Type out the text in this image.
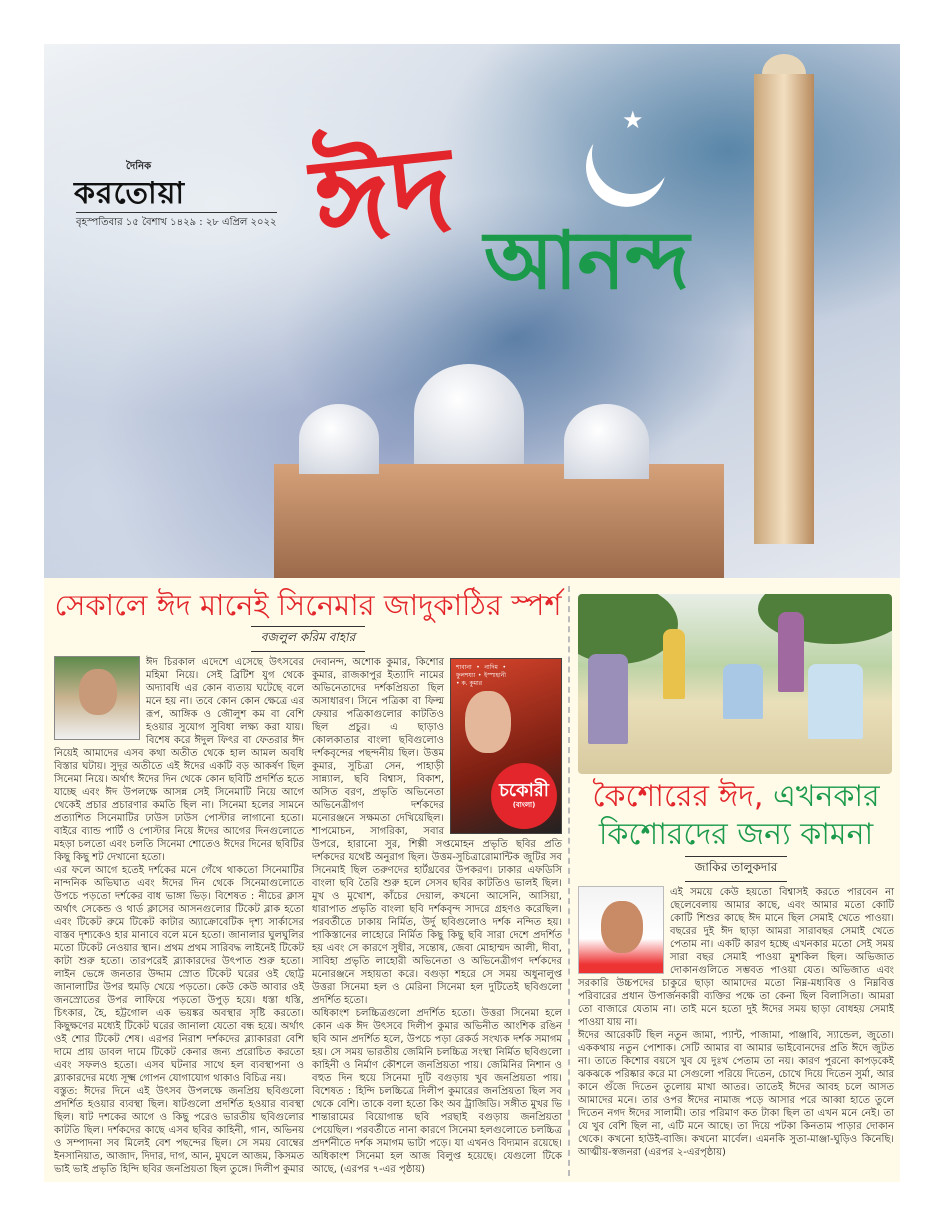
দৈনিক
করতোয়া
বৃহস্পতিবার ১৫ বৈশাখ ১৪২৯ : ২৮ এপ্রিল ২০২২
★
ঈদ আনন্দ
সেকালে ঈদ মানেই সিনেমার জাদুকাঠির স্পর্শ
বজলুল করিম বাহার

ঈদ চিরকাল এদেশে এসেছে উৎসবের মহিমা নিয়ে। সেই ব্রিটিশ যুগ থেকে অদ্যাবধি এর কোন ব্যত্যয় ঘটেছে বলে মনে হয় না। তবে কোন কোন ক্ষেত্রে এর রূপ, আঙ্গিক ও জৌলুশ কম বা বেশি হওয়ার সুযোগ সুবিধা লক্ষ্য করা যায়। বিশেষ করে ঈদুল ফিৎর বা ফেতরার ঈদ নিয়েই আমাদের এসব কথা অতীত থেকে হাল আমল অবধি বিস্তার ঘটায়। সুদূর অতীতে এই ঈদের একটি বড় আকর্ষণ ছিল সিনেমা নিয়ে। অর্থাৎ ঈদের দিন থেকে কোন ছবিটি প্রদর্শিত হতে যাচ্ছে এবং ঈদ উপলক্ষে আসন্ন সেই সিনেমাটি নিয়ে আগে থেকেই প্রচার প্রচারণার কমতি ছিল না। সিনেমা হলের সামনে প্রত্যাশিত সিনেমাটির ঢাউস ঢাউস পোস্টার লাগানো হতো। বাইরে ব্যান্ড পার্টি ও পোস্টার নিয়ে ঈদের আগের দিনগুলোতে মহড়া চলতো এবং চলতি সিনেমা শোতেও ঈদের দিনের ছবিটির কিছু কিছু শট দেখানো হতো।

এর ফলে আগে হতেই দর্শকের মনে গেঁথে থাকতো সিনেমাটির নান্দনিক অভিঘাত এবং ঈদের দিন থেকে সিনেমাগুলোতে উপচে পড়তো দর্শকের বাধ ভাঙ্গা ভিড়। বিশেষত : নীচের ক্লাস অর্থাৎ সেকেন্ড ও থার্ড ক্লাসের আসনগুলোর টিকেট ব্লাক হতো এবং টিকেট রুমে টিকেট কাটার অ্যাক্রোবেটিক দৃশ্য সার্কাসের বাস্তব দৃশ্যকেও হার মানাবে বলে মনে হতো। জানালার ঘুলঘুলির মতো টিকেট নেওয়ার স্থান। প্রথম প্রথম সারিবদ্ধ লাইনেই টিকেট কাটা শুরু হতো। তারপরেই ব্ল্যাকারদের উৎপাত শুরু হতো। লাইন ভেঙ্গে জনতার উদ্দাম স্রোত টিকেট ঘরের ওই ছোট্ট জানালাটির উপর হুমড়ি খেয়ে পড়তো। কেউ কেউ আবার ওই জনস্রোতের উপর লাফিয়ে পড়তো উপুড় হয়ে। ধস্তা ধস্তি, চিৎকার, হৈ, হট্টগোল এক ভয়ঙ্কর অবস্থার সৃষ্টি করতো। কিছুক্ষণের মধ্যেই টিকেট ঘরের জানালা যেতো বন্ধ হয়ে। অর্থাৎ ওই শোর টিকেট শেষ। এরপর নিরাশ দর্শকদের ব্ল্যাকাররা বেশি দামে প্রায় ডাবল দামে টিকেট কেনার জন্য প্ররোচিত করতো এবং সফলও হতো। এসব ঘটনার সাথে হল ব্যবস্থাপনা ও ব্ল্যাকারদের মধ্যে সূক্ষ্ম গোপন যোগাযোগ থাকাও বিচিত্র নয়।

শাবানা • নাদিম • ফুলশয্যা • ইস্পাহানী • ক. কুমার
চকোরী
(বাংলা)

বস্তুত: ঈদের দিনে এই উৎসব উপলক্ষে জনপ্রিয় ছবিগুলো প্রদর্শিত হওয়ার ব্যবস্থা ছিল। ষাটগুলো প্রদর্শিত হওয়ার ব্যবস্থা ছিল। ষাট দশকের আগে ও কিছু পরেও ভারতীয় ছবিগুলোর কাটতি ছিল। দর্শকদের কাছে এসব ছবির কাহিনী, গান, অভিনয় ও সম্পাদনা সব মিলেই বেশ পছন্দের ছিল। সে সময় বোম্বের ইনসানিয়াত, আজাদ, দিদার, দাগ, আন, মুঘলে আজম, কিসমত ভাই ভাই প্রভৃতি হিন্দি ছবির জনপ্রিয়তা ছিল তুঙ্গে। দিলীপ কুমার দেবানন্দ, অশোক কুমার, কিশোর কুমার, রাজকাপুর ইত্যাদি নামের অভিনেতাদের দর্শকপ্রিয়তা ছিল অসাধারণ। সিনে পত্রিকা বা ফিল্ম ফেয়ার পত্রিকাগুলোর কাটতিও ছিল প্রচুর। এ ছাড়াও কোলকাতার বাংলা ছবিগুলোও দর্শকবৃন্দের পছন্দনীয় ছিল। উত্তম কুমার, সুচিত্রা সেন, পাহাড়ী সান্ন্যাল, ছবি বিশ্বাস, বিকাশ, অসিত বরণ, প্রভৃতি অভিনেতা অভিনেত্রীগণ দর্শকদের মনোরঞ্জনে সক্ষমতা দেখিয়েছিল। শাপমোচন, সাগরিকা, সবার উপরে, হারানো সুর, শিল্পী সপ্তমোহন প্রভৃতি ছবির প্রতি দর্শকদের যথেষ্ট অনুরাগ ছিল। উত্তম-সুচিত্রারোমান্টিক জুটির সব সিনেমাই ছিল তরুণদের হার্টথ্রবের উপকরণ। ঢাকার এফডিসি বাংলা ছবি তৈরি শুরু হলে সেসব ছবির কাটতিও ভালই ছিল। মুখ ও মুখোশ, কাঁচের দেয়াল, কখনো আসেনি, আসিয়া, ধারাপাত প্রভৃতি বাংলা ছবি দর্শকবৃন্দ সাদরে গ্রহণও করেছিল। পরবর্তীতে ঢাকায় নির্মিত, উর্দু ছবিগুলোও দর্শক নন্দিত হয়। পাকিস্তানের লাহোরে নির্মিত কিছু কিছু ছবি সারা দেশে প্রদর্শিত হয় এবং সে কারণে সুধীর, সন্তোষ, জেবা মোহাম্মদ আলী, দীবা, সাবিহা প্রভৃতি লাহোরী অভিনেতা ও অভিনেত্রীগণ দর্শকদের মনোরঞ্জনে সহায়তা করে। বগুড়া শহরে সে সময় অধুনালুপ্ত উত্তরা সিনেমা হল ও মেরিনা সিনেমা হল দুটিতেই ছবিগুলো প্রদর্শিত হতো।

অধিকাংশ চলচ্চিত্রগুলো প্রদর্শিত হতো। উত্তরা সিনেমা হলে কোন এক ঈদ উৎসবে দিলীপ কুমার অভিনীত আংশিক রঙিন ছবি আন প্রদর্শিত হলে, উপচে পড়া রেকর্ড সংখ্যক দর্শক সমাগম হয়। সে সময় ভারতীয় জেমিনি চলচ্চিত্র সংস্থা নির্মিত ছবিগুলো কাহিনী ও নির্মাণ কৌশলে জনপ্রিয়তা পায়। জেমিনির নিশান ও বহুত দিন হুয়ে সিনেমা দুটি বগুড়ায় খুব জনপ্রিয়তা পায়। বিশেষত : হিন্দি চলচ্চিত্রে দিলীপ কুমারের জনপ্রিয়তা ছিল সব থেকে বেশি। তাকে বলা হতো কিং অব ট্রাজিডি। সঙ্গীত মুখর ভি শান্তারামের বিয়োগান্ত ছবি পরছাই বগুড়ায় জনপ্রিয়তা পেয়েছিল। পরবর্তীতে নানা কারণে সিনেমা হলগুলোতে চলচ্চিত্র প্রদর্শনীতে দর্শক সমাগম ভাটা পড়ে। যা এখনও বিদ্যমান রয়েছে। অধিকাংশ সিনেমা হল আজ বিলুপ্ত হয়েছে। যেগুলো টিকে আছে, (এরপর ৭-এর পৃষ্ঠায়)

কৈশোরের ঈদ, এখনকার
কিশোরদের জন্য কামনা
জাকির তালুকদার

এই সময়ে কেউ হয়তো বিশ্বাসই করতে পারবেন না ছেলেবেলায় আমার কাছে, এবং আমার মতো কোটি কোটি শিশুর কাছে ঈদ মানে ছিল সেমাই খেতে পাওয়া। বছরের দুই ঈদ ছাড়া আমরা সারাবছর সেমাই খেতে পেতাম না। একটি কারণ হচ্ছে এখনকার মতো সেই সময় সারা বছর সেমাই পাওয়া মুশকিল ছিল। অভিজাত দোকানগুলিতে সম্ভবত পাওয়া যেত। অভিজাত এবং সরকারি উচ্চপদের চাকুরে ছাড়া আমাদের মতো নিম্ন-মধ্যবিত্ত ও নিম্নবিত্ত পরিবারের প্রধান উপার্জনকারী ব্যক্তির পক্ষে তা কেনা ছিল বিলাসিতা। আমরা তো বাজারে যেতাম না। তাই মনে হতো দুই ঈদের সময় ছাড়া বোধহয় সেমাই পাওয়া যায় না।

ঈদের আরেকটি ছিল নতুন জামা, প্যান্ট, পাজামা, পাঞ্জাবি, স্যান্ডেল, জুতো। এককথায় নতুন পোশাক। সেটি আমার বা আমার ভাইবোনদের প্রতি ঈদে জুটত না। তাতে কিশোর বয়সে খুব যে দুঃখ পেতাম তা নয়। কারণ পুরনো কাপড়কেই ঝকঝকে পরিষ্কার করে মা সেগুলো পরিয়ে দিতেন, চোখে দিয়ে দিতেন সুর্মা, আর কানে গুঁজে দিতেন তুলোয় মাখা আতর। তাতেই ঈদের আবহ চলে আসত আমাদের মনে। তার ওপর ঈদের নামাজ পড়ে আসার পরে আব্বা হাতে তুলে দিতেন নগদ ঈদের সালামী। তার পরিমাণ কত টাকা ছিল তা এখন মনে নেই। তা যে খুব বেশি ছিল না, এটি মনে আছে। তা দিয়ে পটকা কিনতাম পাড়ার দোকান থেকে। কখনো হাউই-বাজি। কখনো মার্বেল। এমনকি সুতা-মাঞ্জা-ঘুড়িও কিনেছি। আত্মীয়-স্বজনরা (এরপর ২-এরপৃষ্ঠায়)
